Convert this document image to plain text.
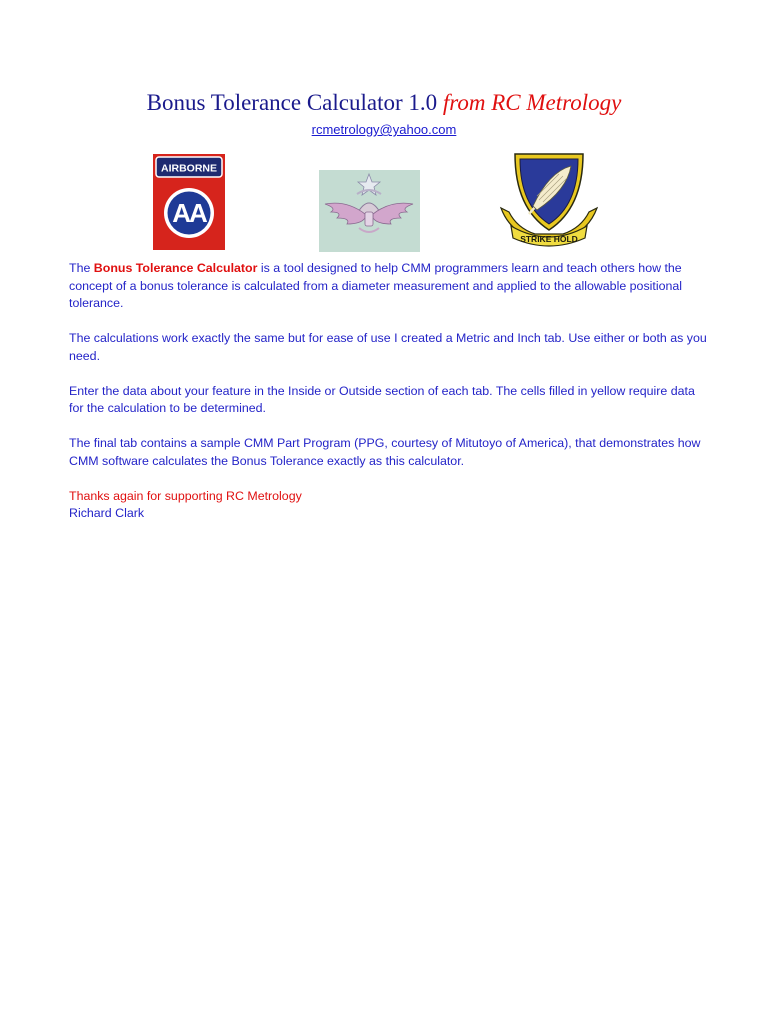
Bonus Tolerance Calculator 1.0 from RC Metrology
rcmetrology@yahoo.com
AIRBORNE
AA
STRIKE HOLD

The Bonus Tolerance Calculator is a tool designed to help CMM programmers learn and teach others how the concept of a bonus tolerance is calculated from a diameter measurement and applied to the allowable positional tolerance.

The calculations work exactly the same but for ease of use I created a Metric and Inch tab. Use either or both as you need.

Enter the data about your feature in the Inside or Outside section of each tab. The cells filled in yellow require data for the calculation to be determined.

The final tab contains a sample CMM Part Program (PPG, courtesy of Mitutoyo of America), that demonstrates how CMM software calculates the Bonus Tolerance exactly as this calculator.

Thanks again for supporting RC Metrology

Richard Clark
